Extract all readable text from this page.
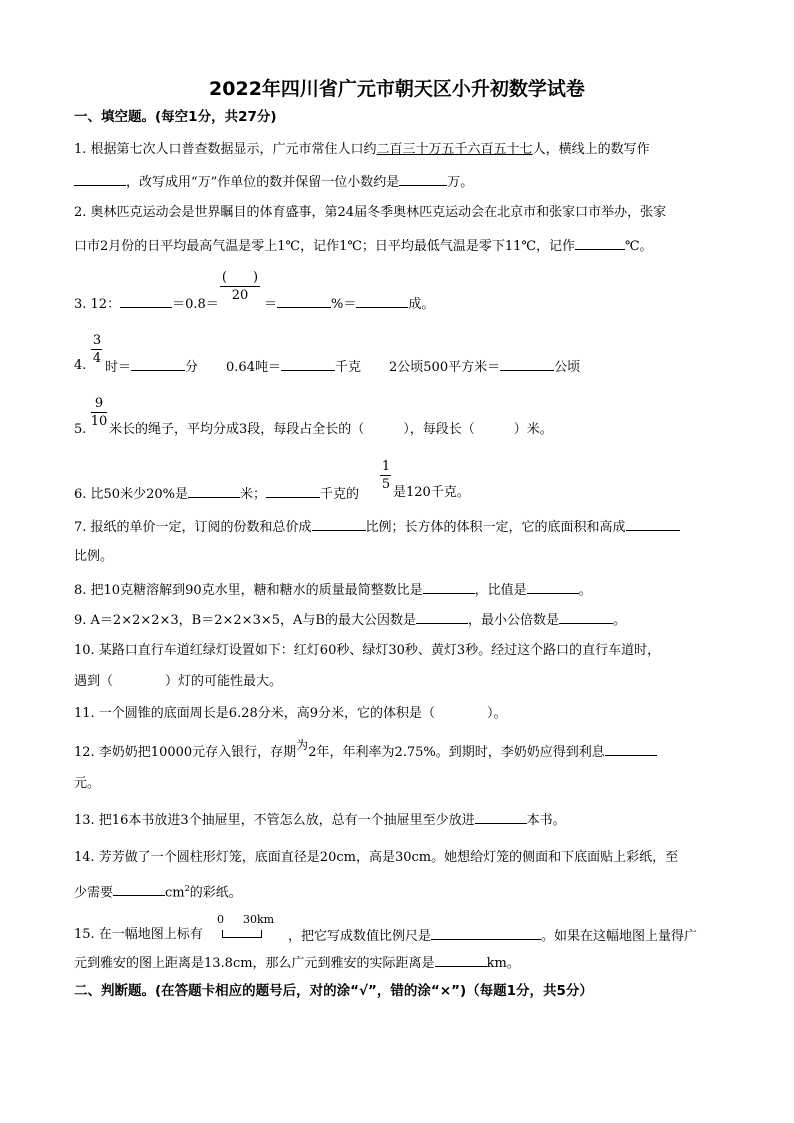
2022年四川省广元市朝天区小升初数学试卷
一、填空题。(每空1分，共27分)
1. 根据第七次人口普查数据显示，广元市常住人口约二百三十万五千六百五十七人，横线上的数写作
，改写成用“万”作单位的数并保留一位小数约是	万。
2. 奥林匹克运动会是世界瞩目的体育盛事，第24届冬季奥林匹克运动会在北京市和张家口市举办，张家
口市2月份的日平均最高气温是零上1℃，记作1℃；日平均最低气温是零下11℃，记作	℃。
3. 12：	＝0.8＝
(　　)
20
＝	%＝	成。
4.
3
4
时＝	分 0.64吨＝	千克 2公顷500平方米＝	公顷
5.
9
10
米长的绳子，平均分成3段，每段占全长的（　　　），每段长（　　　）米。
6. 比50米少20%是	米；	千克的
1
5
是120千克。
7. 报纸的单价一定，订阅的份数和总价成	比例；长方体的体积一定，它的底面积和高成
比例。
8. 把10克糖溶解到90克水里，糖和糖水的质量最简整数比是	，比值是	。
9. A＝2×2×2×3，B＝2×2×3×5，A与B的最大公因数是	，最小公倍数是	。
10. 某路口直行车道红绿灯设置如下：红灯60秒、绿灯30秒、黄灯3秒。经过这个路口的直行车道时，
遇到（　　　　）灯的可能性最大。
11. 一个圆锥的底面周长是6.28分米，高9分米，它的体积是（　　　　）。
12. 李奶奶把10000元存入银行，存期为2年，年利率为2.75%。到期时，李奶奶应得到利息
元。
13. 把16本书放进3个抽屉里，不管怎么放，总有一个抽屉里至少放进	本书。
14. 芳芳做了一个圆柱形灯笼，底面直径是20cm，高是30cm。她想给灯笼的侧面和下底面贴上彩纸，至
少需要	$cm^2$的彩纸。
15. 在一幅地图上标有
0 30km
，把它写成数值比例尺是	。如果在这幅地图上量得广
元到雅安的图上距离是13.8cm，那么广元到雅安的实际距离是	km。
二、判断题。(在答题卡相应的题号后，对的涂“√”，错的涂“×”)（每题1分，共5分）
